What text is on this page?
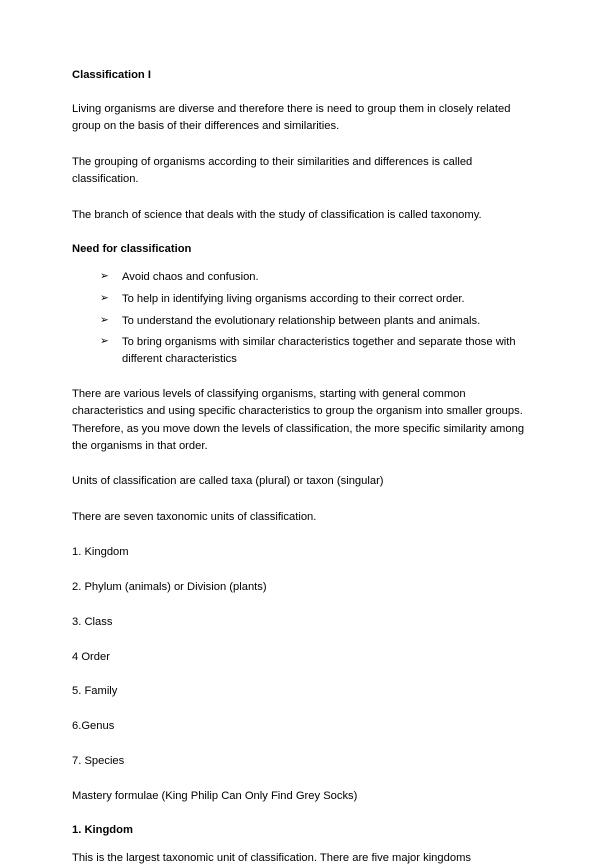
Classification I

Living organisms are diverse and therefore there is need to group them in closely related group on the basis of their differences and similarities.

The grouping of organisms according to their similarities and differences is called classification.

The branch of science that deals with the study of classification is called taxonomy.

Need for classification
➢ Avoid chaos and confusion.
➢ To help in identifying living organisms according to their correct order.
➢ To understand the evolutionary relationship between plants and animals.
➢ To bring organisms with similar characteristics together and separate those with different characteristics

There are various levels of classifying organisms, starting with general common characteristics and using specific characteristics to group the organism into smaller groups. Therefore, as you move down the levels of classification, the more specific similarity among the organisms in that order.

Units of classification are called taxa (plural) or taxon (singular)

There are seven taxonomic units of classification.

1. Kingdom
2. Phylum (animals) or Division (plants)
3. Class
4 Order
5. Family
6.Genus
7. Species

Mastery formulae (King Philip Can Only Find Grey Socks)

1. Kingdom

This is the largest taxonomic unit of classification. There are five major kingdoms
